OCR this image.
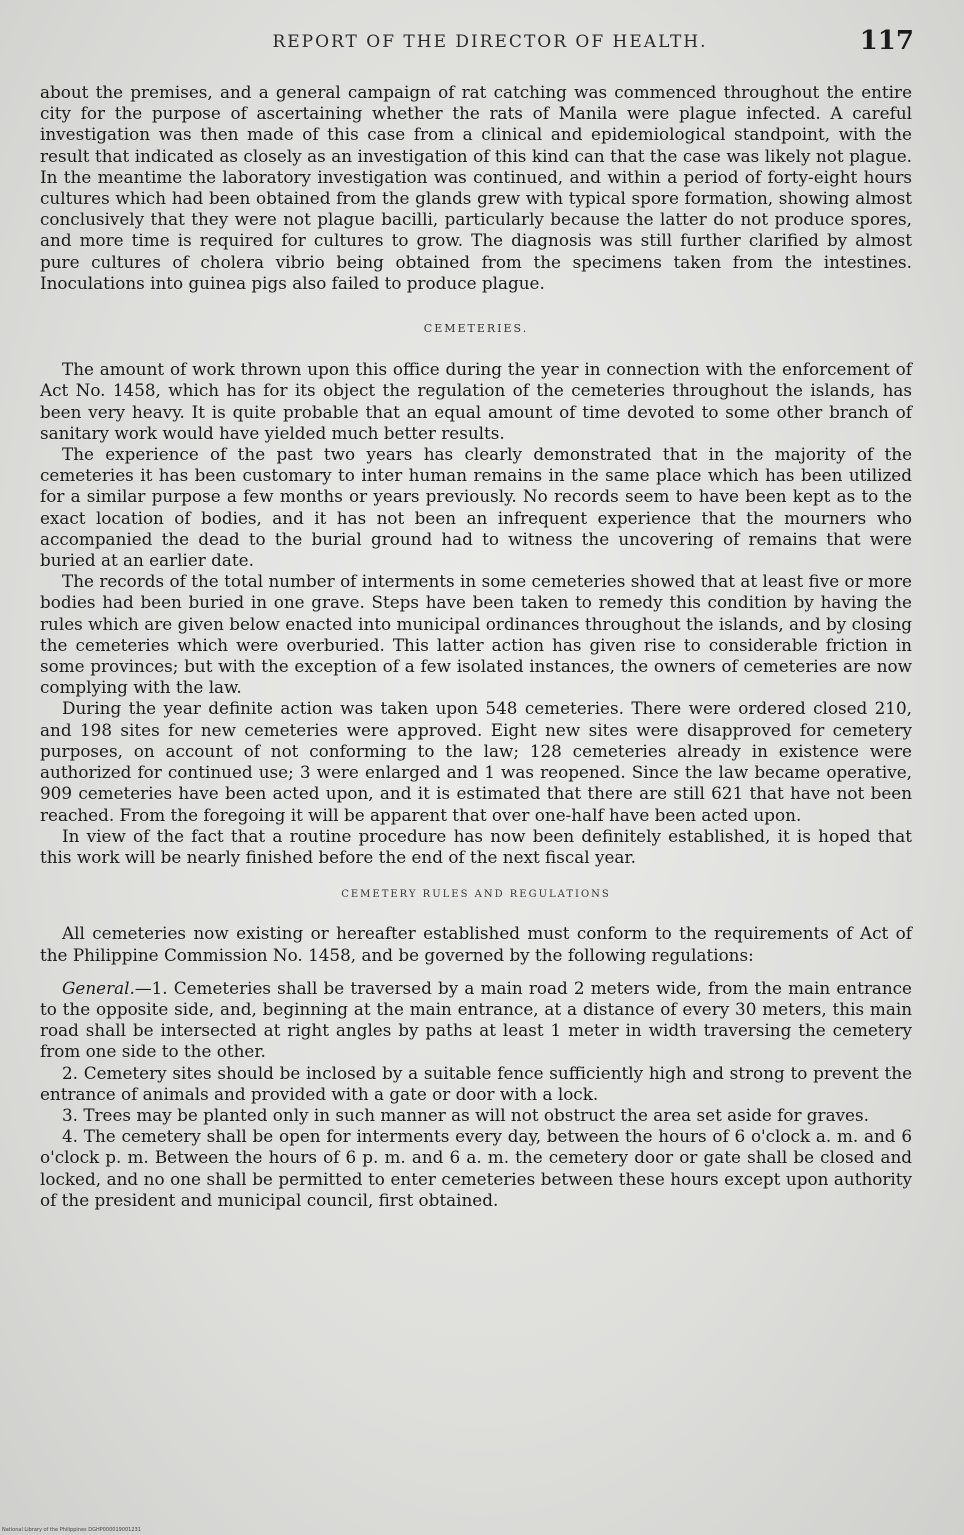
REPORT OF THE DIRECTOR OF HEALTH.	117

about the premises, and a general campaign of rat catching was commenced throughout the entire city for the purpose of ascertaining whether the rats of Manila were plague infected. A careful investigation was then made of this case from a clinical and epidemiological standpoint, with the result that indicated as closely as an investigation of this kind can that the case was likely not plague. In the meantime the laboratory investigation was continued, and within a period of forty-eight hours cultures which had been obtained from the glands grew with typical spore formation, showing almost conclusively that they were not plague bacilli, particularly because the latter do not produce spores, and more time is required for cultures to grow. The diagnosis was still further clarified by almost pure cultures of cholera vibrio being obtained from the specimens taken from the intestines. Inoculations into guinea pigs also failed to produce plague.

CEMETERIES.

The amount of work thrown upon this office during the year in connection with the enforcement of Act No. 1458, which has for its object the regulation of the cemeteries throughout the islands, has been very heavy. It is quite probable that an equal amount of time devoted to some other branch of sanitary work would have yielded much better results.

The experience of the past two years has clearly demonstrated that in the majority of the cemeteries it has been customary to inter human remains in the same place which has been utilized for a similar purpose a few months or years previously. No records seem to have been kept as to the exact location of bodies, and it has not been an infrequent experience that the mourners who accompanied the dead to the burial ground had to witness the uncovering of remains that were buried at an earlier date.

The records of the total number of interments in some cemeteries showed that at least five or more bodies had been buried in one grave. Steps have been taken to remedy this condition by having the rules which are given below enacted into municipal ordinances throughout the islands, and by closing the cemeteries which were overburied. This latter action has given rise to considerable friction in some provinces; but with the exception of a few isolated instances, the owners of cemeteries are now complying with the law.

During the year definite action was taken upon 548 cemeteries. There were ordered closed 210, and 198 sites for new cemeteries were approved. Eight new sites were disapproved for cemetery purposes, on account of not conforming to the law; 128 cemeteries already in existence were authorized for continued use; 3 were enlarged and 1 was reopened. Since the law became operative, 909 cemeteries have been acted upon, and it is estimated that there are still 621 that have not been reached. From the foregoing it will be apparent that over one-half have been acted upon.

In view of the fact that a routine procedure has now been definitely established, it is hoped that this work will be nearly finished before the end of the next fiscal year.

CEMETERY RULES AND REGULATIONS

All cemeteries now existing or hereafter established must conform to the requirements of Act of the Philippine Commission No. 1458, and be governed by the following regulations:

General.—1. Cemeteries shall be traversed by a main road 2 meters wide, from the main entrance to the opposite side, and, beginning at the main entrance, at a distance of every 30 meters, this main road shall be intersected at right angles by paths at least 1 meter in width traversing the cemetery from one side to the other.

2. Cemetery sites should be inclosed by a suitable fence sufficiently high and strong to prevent the entrance of animals and provided with a gate or door with a lock.

3. Trees may be planted only in such manner as will not obstruct the area set aside for graves.

4. The cemetery shall be open for interments every day, between the hours of 6 o'clock a. m. and 6 o'clock p. m. Between the hours of 6 p. m. and 6 a. m. the cemetery door or gate shall be closed and locked, and no one shall be permitted to enter cemeteries between these hours except upon authority of the president and municipal council, first obtained.

National Library of the Philippines DGHP000019001231
